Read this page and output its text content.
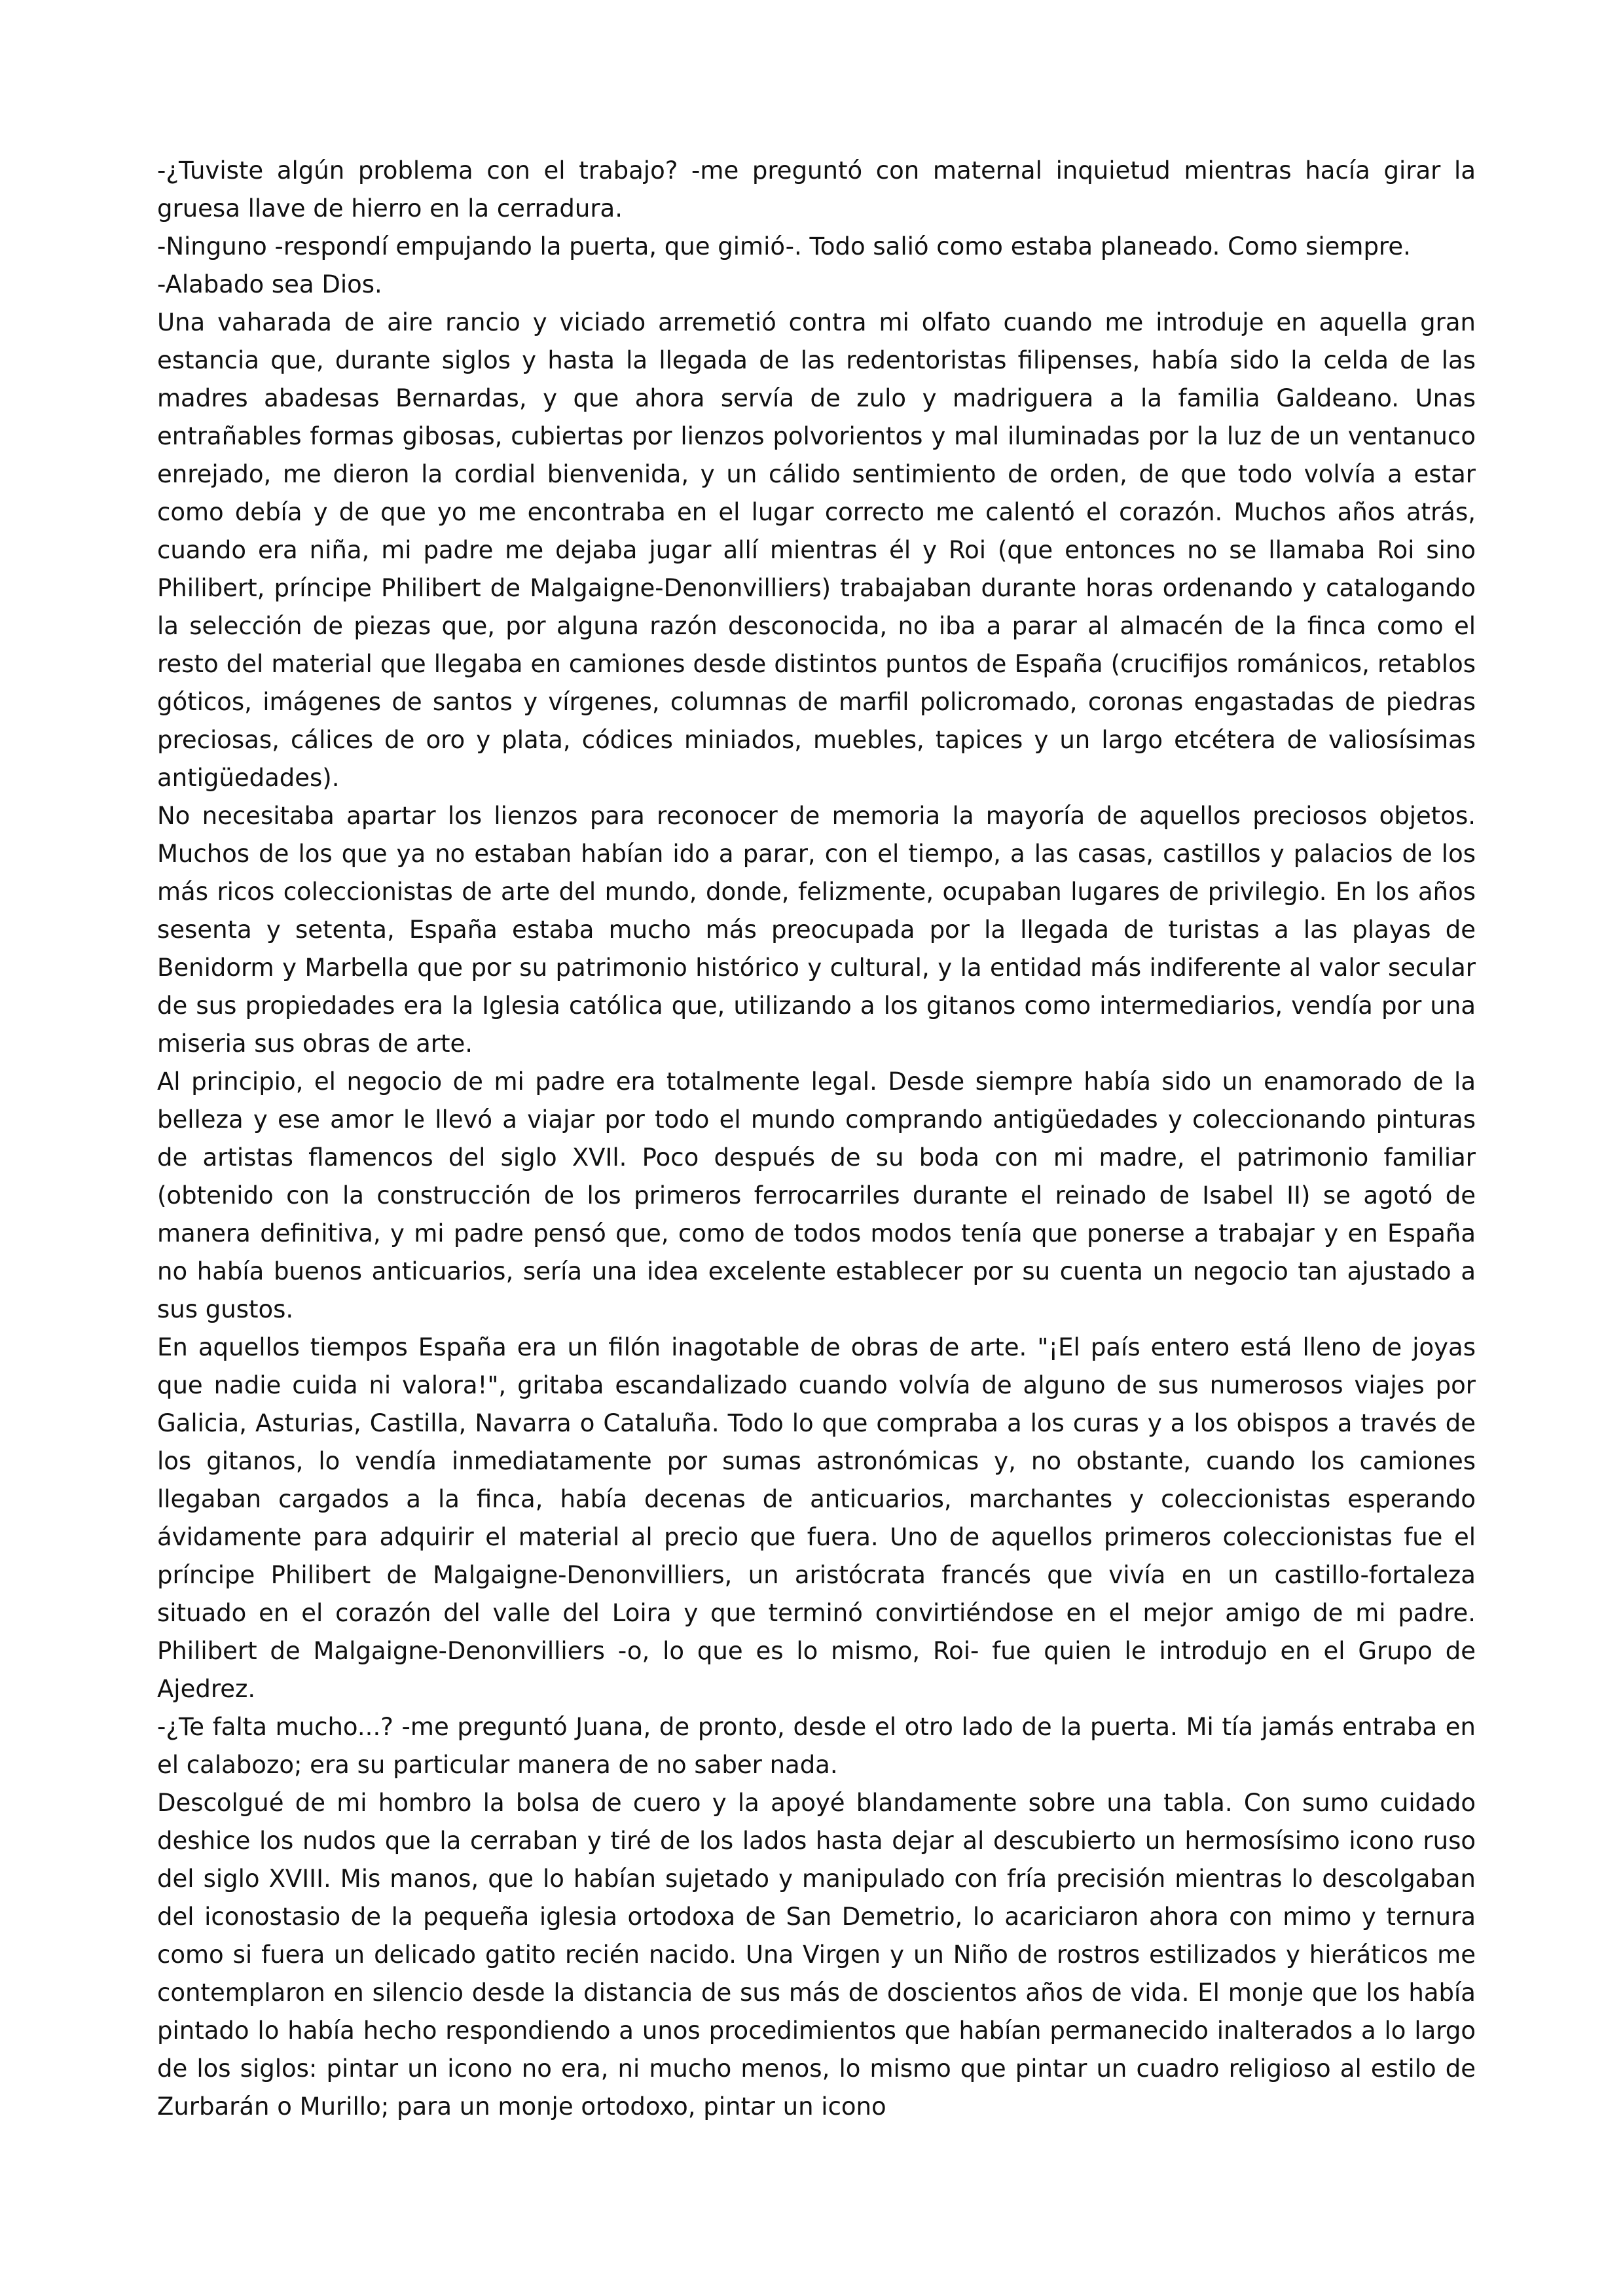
-¿Tuviste algún problema con el trabajo? -me preguntó con maternal inquietud mientras hacía girar la gruesa llave de hierro en la cerradura.

-Ninguno -respondí empujando la puerta, que gimió-. Todo salió como estaba planeado. Como siempre.

-Alabado sea Dios.

Una vaharada de aire rancio y viciado arremetió contra mi olfato cuando me introduje en aquella gran estancia que, durante siglos y hasta la llegada de las redentoristas filipenses, había sido la celda de las madres abadesas Bernardas, y que ahora servía de zulo y madriguera a la familia Galdeano. Unas entrañables formas gibosas, cubiertas por lienzos polvorientos y mal iluminadas por la luz de un ventanuco enrejado, me dieron la cordial bienvenida, y un cálido sentimiento de orden, de que todo volvía a estar como debía y de que yo me encontraba en el lugar correcto me calentó el corazón. Muchos años atrás, cuando era niña, mi padre me dejaba jugar allí mientras él y Roi (que entonces no se llamaba Roi sino Philibert, príncipe Philibert de Malgaigne-Denonvilliers) trabajaban durante horas ordenando y catalogando la selección de piezas que, por alguna razón desconocida, no iba a parar al almacén de la finca como el resto del material que llegaba en camiones desde distintos puntos de España (crucifijos románicos, retablos góticos, imágenes de santos y vírgenes, columnas de marfil policromado, coronas engastadas de piedras preciosas, cálices de oro y plata, códices miniados, muebles, tapices y un largo etcétera de valiosísimas antigüedades).

No necesitaba apartar los lienzos para reconocer de memoria la mayoría de aquellos preciosos objetos. Muchos de los que ya no estaban habían ido a parar, con el tiempo, a las casas, castillos y palacios de los más ricos coleccionistas de arte del mundo, donde, felizmente, ocupaban lugares de privilegio. En los años sesenta y setenta, España estaba mucho más preocupada por la llegada de turistas a las playas de Benidorm y Marbella que por su patrimonio histórico y cultural, y la entidad más indiferente al valor secular de sus propiedades era la Iglesia católica que, utilizando a los gitanos como intermediarios, vendía por una miseria sus obras de arte.

Al principio, el negocio de mi padre era totalmente legal. Desde siempre había sido un enamorado de la belleza y ese amor le llevó a viajar por todo el mundo comprando antigüedades y coleccionando pinturas de artistas flamencos del siglo XVIl. Poco después de su boda con mi madre, el patrimonio familiar (obtenido con la construcción de los primeros ferrocarriles durante el reinado de Isabel II) se agotó de manera definitiva, y mi padre pensó que, como de todos modos tenía que ponerse a trabajar y en España no había buenos anticuarios, sería una idea excelente establecer por su cuenta un negocio tan ajustado a sus gustos.

En aquellos tiempos España era un filón inagotable de obras de arte. "¡El país entero está lleno de joyas que nadie cuida ni valora!", gritaba escandalizado cuando volvía de alguno de sus numerosos viajes por Galicia, Asturias, Castilla, Navarra o Cataluña. Todo lo que compraba a los curas y a los obispos a través de los gitanos, lo vendía inmediatamente por sumas astronómicas y, no obstante, cuando los camiones llegaban cargados a la finca, había decenas de anticuarios, marchantes y coleccionistas esperando ávidamente para adquirir el material al precio que fuera. Uno de aquellos primeros coleccionistas fue el príncipe Philibert de Malgaigne-Denonvilliers, un aristócrata francés que vivía en un castillo-fortaleza situado en el corazón del valle del Loira y que terminó convirtiéndose en el mejor amigo de mi padre. Philibert de Malgaigne-Denonvilliers -o, lo que es lo mismo, Roi- fue quien le introdujo en el Grupo de Ajedrez.

-¿Te falta mucho...? -me preguntó Juana, de pronto, desde el otro lado de la puerta. Mi tía jamás entraba en el calabozo; era su particular manera de no saber nada.

Descolgué de mi hombro la bolsa de cuero y la apoyé blandamente sobre una tabla. Con sumo cuidado deshice los nudos que la cerraban y tiré de los lados hasta dejar al descubierto un hermosísimo icono ruso del siglo XVIII. Mis manos, que lo habían sujetado y manipulado con fría precisión mientras lo descolgaban del iconostasio de la pequeña iglesia ortodoxa de San Demetrio, lo acariciaron ahora con mimo y ternura como si fuera un delicado gatito recién nacido. Una Virgen y un Niño de rostros estilizados y hieráticos me contemplaron en silencio desde la distancia de sus más de doscientos años de vida. El monje que los había pintado lo había hecho respondiendo a unos procedimientos que habían permanecido inalterados a lo largo de los siglos: pintar un icono no era, ni mucho menos, lo mismo que pintar un cuadro religioso al estilo de Zurbarán o Murillo; para un monje ortodoxo, pintar un icono
